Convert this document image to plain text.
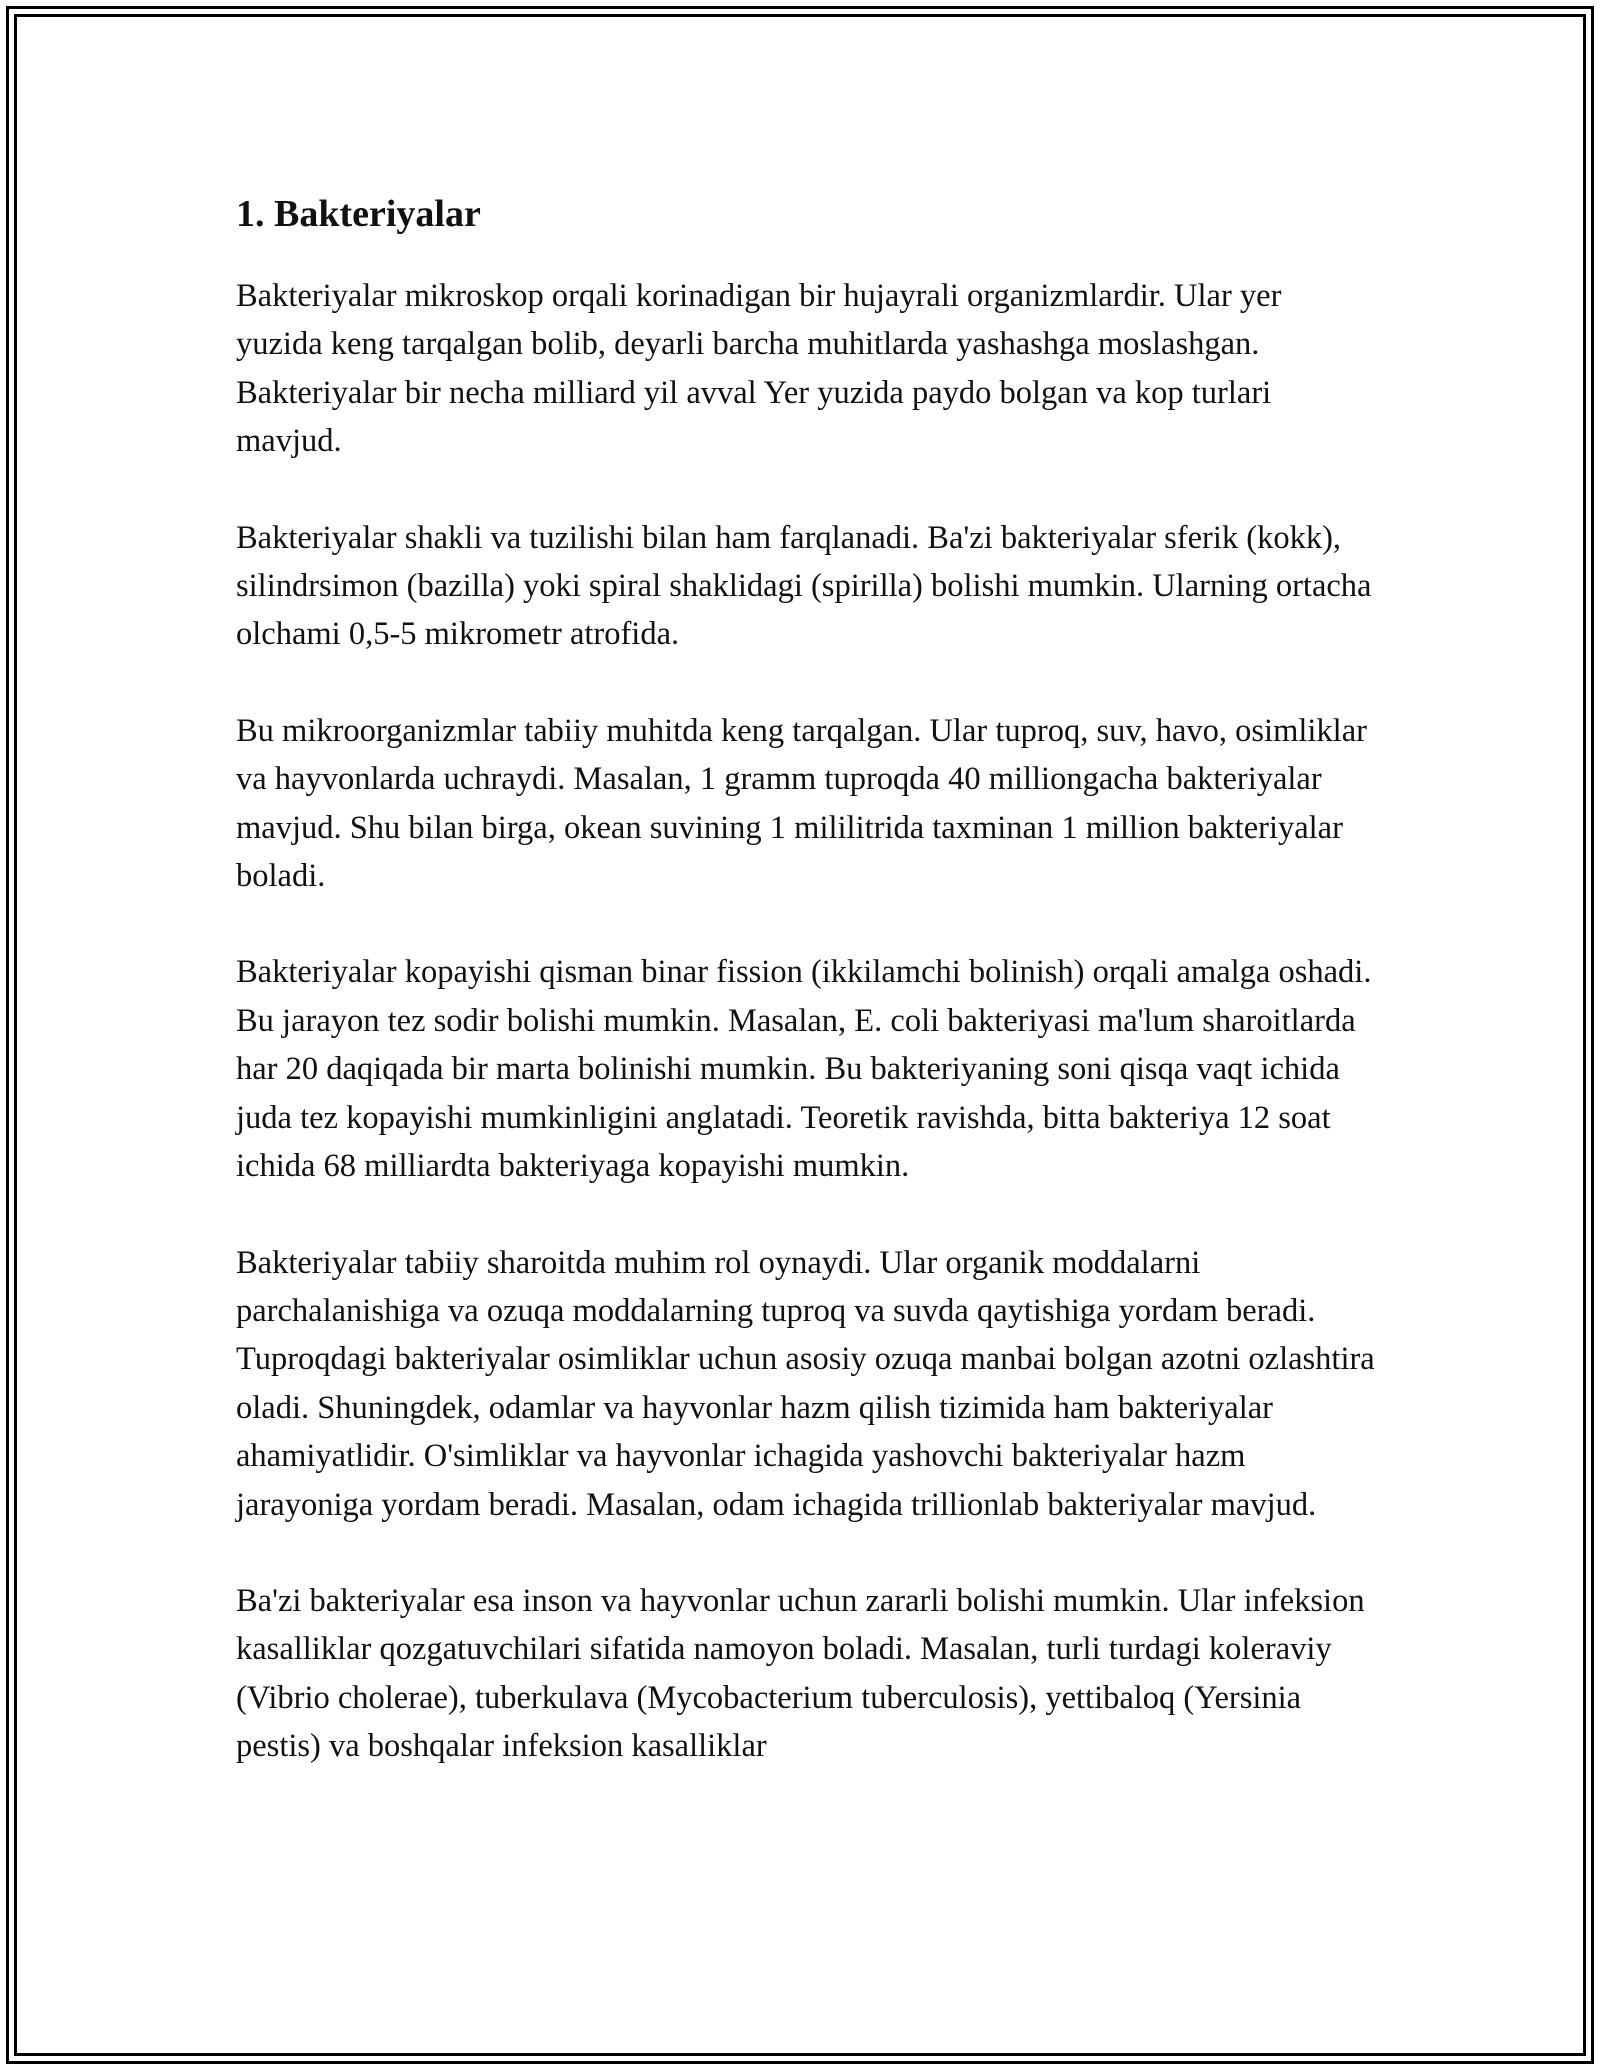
1. Bakteriyalar

Bakteriyalar mikroskop orqali korinadigan bir hujayrali organizmlardir. Ular yer yuzida keng tarqalgan bolib, deyarli barcha muhitlarda yashashga moslashgan. Bakteriyalar bir necha milliard yil avval Yer yuzida paydo bolgan va kop turlari mavjud.

Bakteriyalar shakli va tuzilishi bilan ham farqlanadi. Ba'zi bakteriyalar sferik (kokk), silindrsimon (bazilla) yoki spiral shaklidagi (spirilla) bolishi mumkin. Ularning ortacha olchami 0,5-5 mikrometr atrofida.

Bu mikroorganizmlar tabiiy muhitda keng tarqalgan. Ular tuproq, suv, havo, osimliklar va hayvonlarda uchraydi. Masalan, 1 gramm tuproqda 40 milliongacha bakteriyalar mavjud. Shu bilan birga, okean suvining 1 mililitrida taxminan 1 million bakteriyalar boladi.

Bakteriyalar kopayishi qisman binar fission (ikkilamchi bolinish) orqali amalga oshadi. Bu jarayon tez sodir bolishi mumkin. Masalan, E. coli bakteriyasi ma'lum sharoitlarda har 20 daqiqada bir marta bolinishi mumkin. Bu bakteriyaning soni qisqa vaqt ichida juda tez kopayishi mumkinligini anglatadi. Teoretik ravishda, bitta bakteriya 12 soat ichida 68 milliardta bakteriyaga kopayishi mumkin.

Bakteriyalar tabiiy sharoitda muhim rol oynaydi. Ular organik moddalarni parchalanishiga va ozuqa moddalarning tuproq va suvda qaytishiga yordam beradi. Tuproqdagi bakteriyalar osimliklar uchun asosiy ozuqa manbai bolgan azotni ozlashtira oladi. Shuningdek, odamlar va hayvonlar hazm qilish tizimida ham bakteriyalar ahamiyatlidir. O'simliklar va hayvonlar ichagida yashovchi bakteriyalar hazm jarayoniga yordam beradi. Masalan, odam ichagida trillionlab bakteriyalar mavjud.

Ba'zi bakteriyalar esa inson va hayvonlar uchun zararli bolishi mumkin. Ular infeksion kasalliklar qozgatuvchilari sifatida namoyon boladi. Masalan, turli turdagi koleraviy (Vibrio cholerae), tuberkulava (Mycobacterium tuberculosis), yettibaloq (Yersinia pestis) va boshqalar infeksion kasalliklar
